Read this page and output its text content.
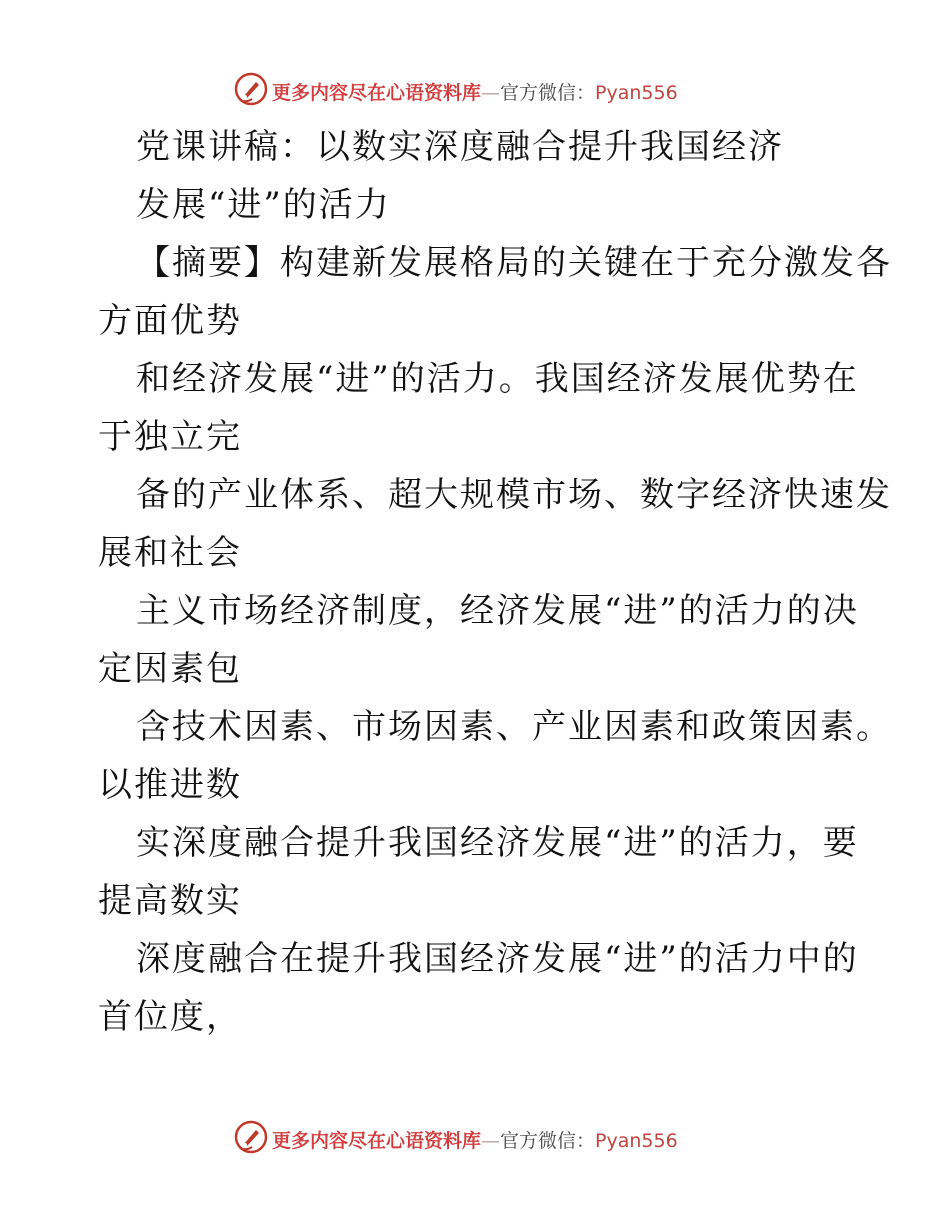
更多内容尽在心语资料库—官方微信：Pyan556
党课讲稿：以数实深度融合提升我国经济
发展“进”的活力
【摘要】构建新发展格局的关键在于充分激发各
方面优势
和经济发展“进”的活力。我国经济发展优势在
于独立完
备的产业体系、超大规模市场、数字经济快速发
展和社会
主义市场经济制度，经济发展“进”的活力的决
定因素包
含技术因素、市场因素、产业因素和政策因素。
以推进数
实深度融合提升我国经济发展“进”的活力，要
提高数实
深度融合在提升我国经济发展“进”的活力中的
首位度，
更多内容尽在心语资料库—官方微信：Pyan556
